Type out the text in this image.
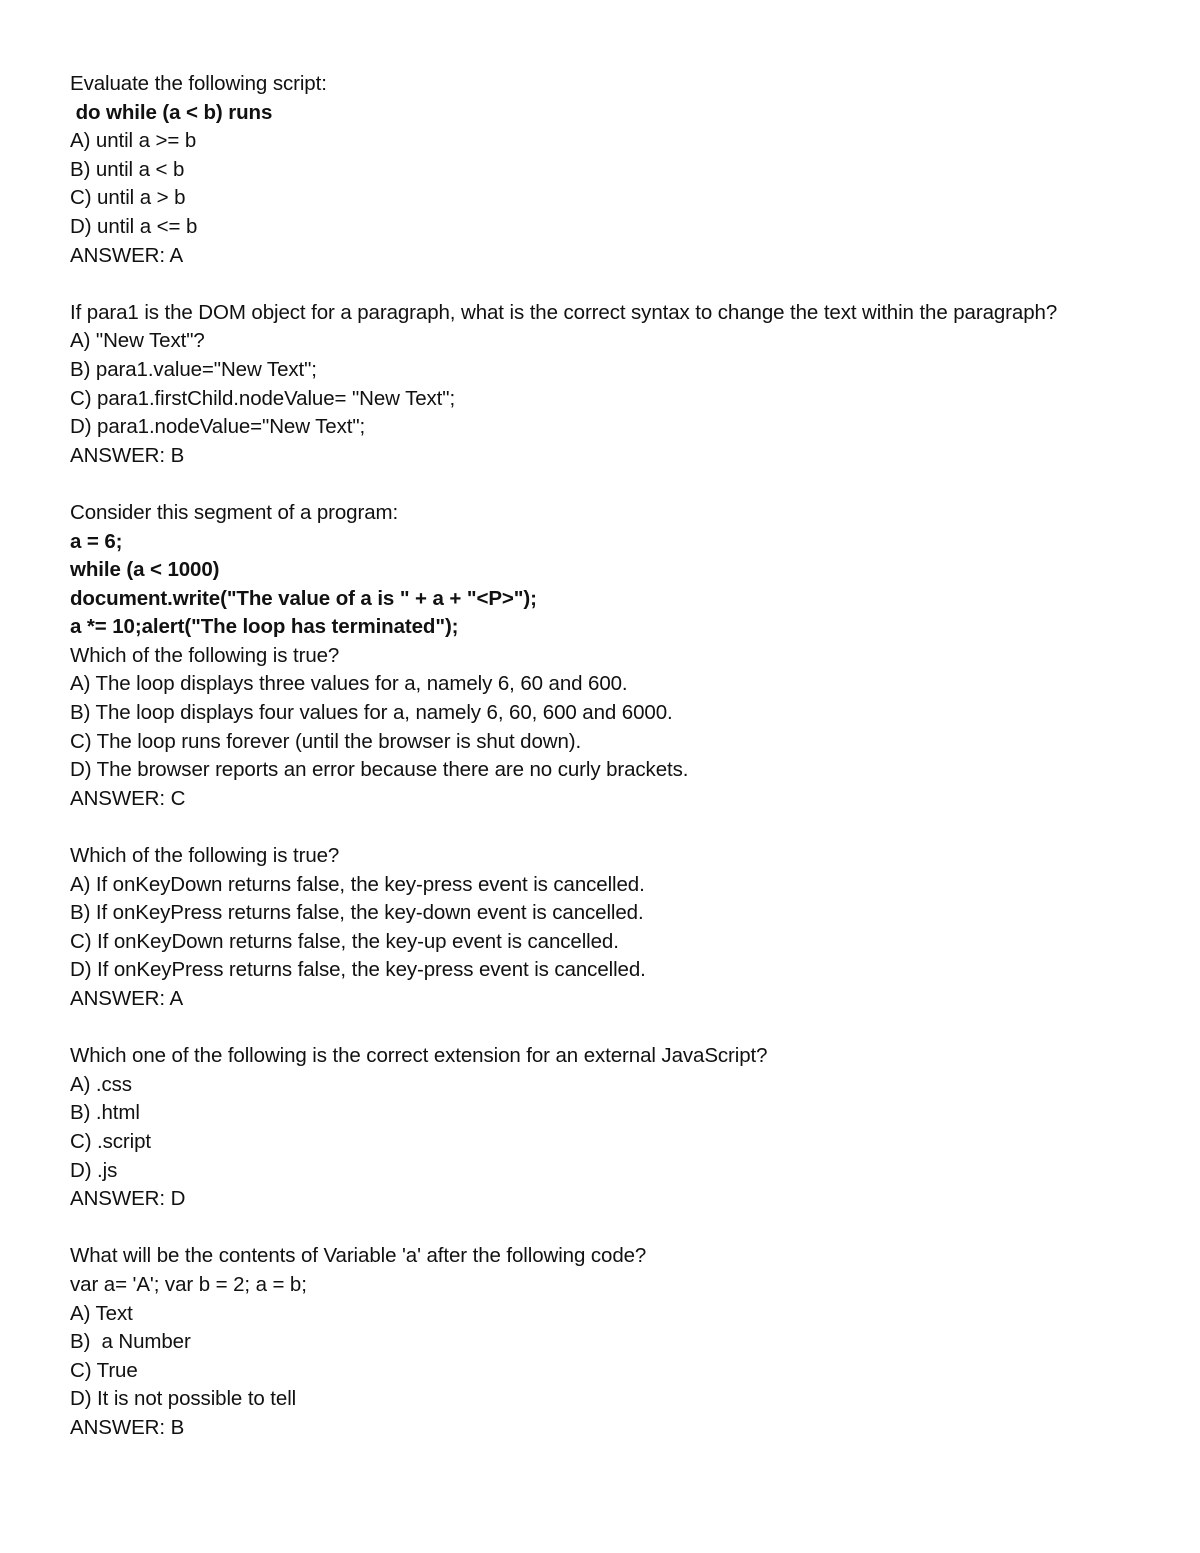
Evaluate the following script:
do while (a < b) runs
A) until a >= b
B) until a < b
C) until a > b
D) until a <= b
ANSWER: A
If para1 is the DOM object for a paragraph, what is the correct syntax to change the text within the paragraph?
A) "New Text"?
B) para1.value="New Text";
C) para1.firstChild.nodeValue= "New Text";
D) para1.nodeValue="New Text";
ANSWER: B
Consider this segment of a program:
a = 6;
while (a < 1000)
document.write("The value of a is " + a + "<P>");
a *= 10;alert("The loop has terminated");
Which of the following is true?
A) The loop displays three values for a, namely 6, 60 and 600.
B) The loop displays four values for a, namely 6, 60, 600 and 6000.
C) The loop runs forever (until the browser is shut down).
D) The browser reports an error because there are no curly brackets.
ANSWER: C
Which of the following is true?
A) If onKeyDown returns false, the key-press event is cancelled.
B) If onKeyPress returns false, the key-down event is cancelled.
C) If onKeyDown returns false, the key-up event is cancelled.
D) If onKeyPress returns false, the key-press event is cancelled.
ANSWER: A
Which one of the following is the correct extension for an external JavaScript?
A) .css
B) .html
C) .script
D) .js
ANSWER: D
What will be the contents of Variable 'a' after the following code?
var a= 'A'; var b = 2; a = b;
A) Text
B)  a Number
C) True
D) It is not possible to tell
ANSWER: B
